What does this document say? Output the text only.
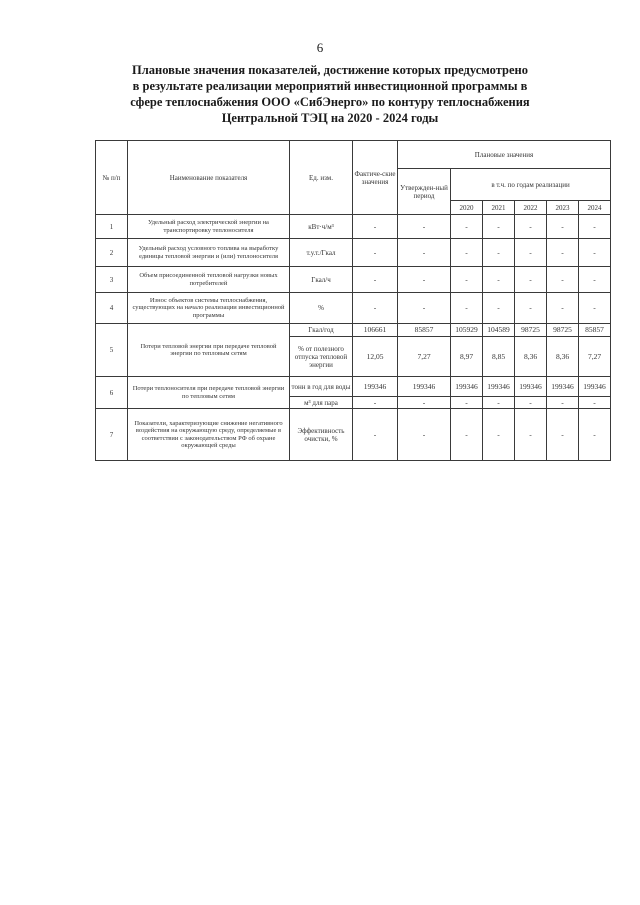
6
Плановые значения показателей, достижение которых предусмотрено
в результате реализации мероприятий инвестиционной программы в
сфере теплоснабжения ООО «СибЭнерго» по контуру теплоснабжения
Центральной ТЭЦ на 2020 - 2024 годы
№ п/п	Наименование показателя	Ед. изм.	Фактиче-ские значения	Плановые значения					
				Утвержден-ный период	в т.ч. по годам реализации				
					2020	2021	2022	2023	2024
1	Удельный расход электрической энергии на транспортировку теплоносителя	кВт·ч/м³	-	-	-	-	-	-	-
2	Удельный расход условного топлива на выработку единицы тепловой энергии и (или) теплоносителя	т.у.т./Гкал	-	-	-	-	-	-	-
3	Объем присоединенной тепловой нагрузки новых потребителей	Гкал/ч	-	-	-	-	-	-	-
4	Износ объектов системы теплоснабжения, существующих на начало реализации инвестиционной программы	%	-	-	-	-	-	-	-
5	Потери тепловой энергии при передаче тепловой энергии по тепловым сетям	Гкал/год	106661	85857	105929	104589	98725	98725	85857
		% от полезного отпуска тепловой энергии	12,05	7,27	8,97	8,85	8,36	8,36	7,27
6	Потери теплоносителя при передаче тепловой энергии по тепловым сетям	тонн в год для воды	199346	199346	199346	199346	199346	199346	199346
		м³ для пара	-	-	-	-	-	-	-
7	Показатели, характеризующие снижение негативного воздействия на окружающую среду, определяемые в соответствии с законодательством РФ об охране окружающей среды	Эффективность очистки, %	-	-	-	-	-	-	-
